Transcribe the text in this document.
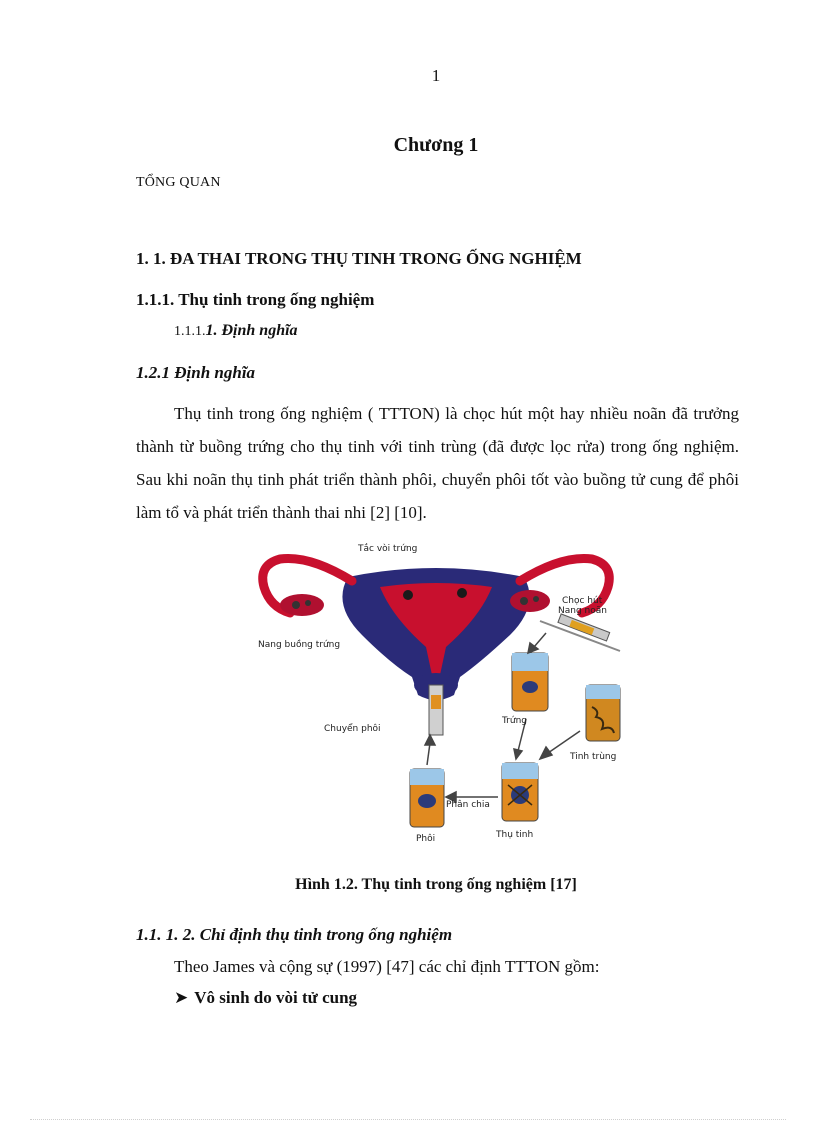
1
Chương 1
TỔNG QUAN
1. 1. ĐA THAI TRONG THỤ TINH TRONG ỐNG NGHIỆM
1.1.1. Thụ tinh trong ống nghiệm
1.1.1.1. Định nghĩa
1.2.1 Định nghĩa
Thụ tinh trong ống nghiệm ( TTTON) là chọc hút một hay nhiều noãn đã trưởng thành từ buồng trứng cho thụ tinh với tinh trùng (đã được lọc rửa) trong ống nghiệm. Sau khi noãn thụ tinh phát triển thành phôi, chuyển phôi tốt vào buồng tử cung để phôi làm tổ và phát triển thành thai nhi [2] [10].
Tắc vòi trứng
Chọc hút
Nang noãn
Nang buồng trứng
Chuyển phôi
Trứng
Tinh trùng
Phân chia
Thụ tinh
Phôi
Hình 1.2. Thụ tinh trong ống nghiệm [17]
1.1. 1. 2. Chỉ định thụ tinh trong ống nghiệm
Theo James và cộng sự (1997) [47] các chỉ định TTTON gồm:
➤ Vô sinh do vòi tử cung
